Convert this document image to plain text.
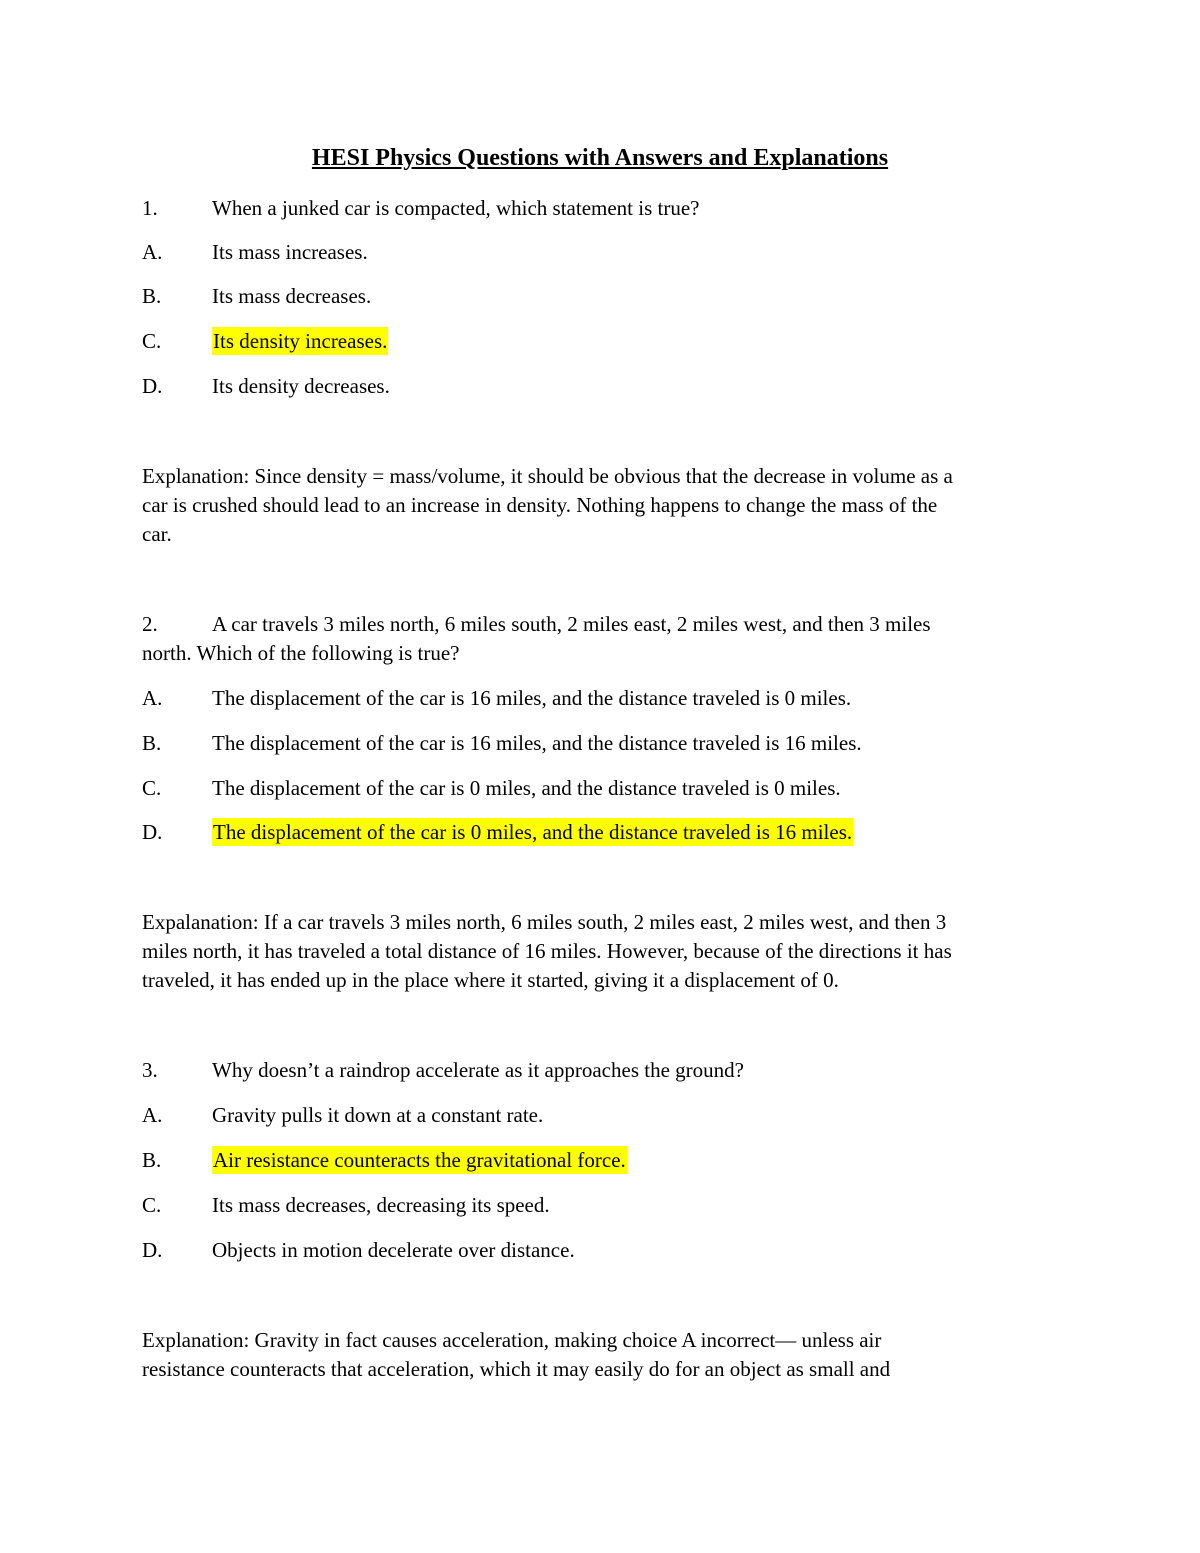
HESI Physics Questions with Answers and Explanations
1.	When a junked car is compacted, which statement is true?
A. Its mass increases.
B. Its mass decreases.
C. Its density increases.
D. Its density decreases.
Explanation: Since density = mass/volume, it should be obvious that the decrease in volume as a
car is crushed should lead to an increase in density. Nothing happens to change the mass of the
car.
2.	A car travels 3 miles north, 6 miles south, 2 miles east, 2 miles west, and then 3 miles
north. Which of the following is true?
A. The displacement of the car is 16 miles, and the distance traveled is 0 miles.
B. The displacement of the car is 16 miles, and the distance traveled is 16 miles.
C. The displacement of the car is 0 miles, and the distance traveled is 0 miles.
D. The displacement of the car is 0 miles, and the distance traveled is 16 miles.
Expalanation: If a car travels 3 miles north, 6 miles south, 2 miles east, 2 miles west, and then 3
miles north, it has traveled a total distance of 16 miles. However, because of the directions it has
traveled, it has ended up in the place where it started, giving it a displacement of 0.
3.	Why doesn’t a raindrop accelerate as it approaches the ground?
A. Gravity pulls it down at a constant rate.
B. Air resistance counteracts the gravitational force.
C. Its mass decreases, decreasing its speed.
D. Objects in motion decelerate over distance.
Explanation: Gravity in fact causes acceleration, making choice A incorrect— unless air
resistance counteracts that acceleration, which it may easily do for an object as small and
